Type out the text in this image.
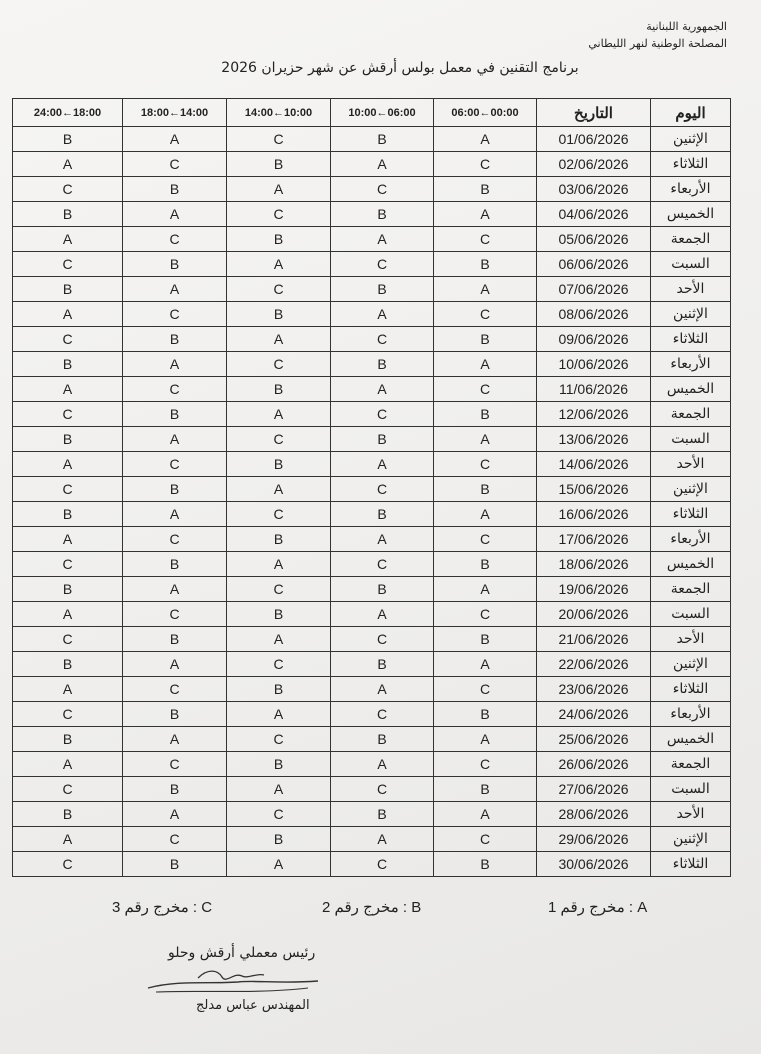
الجمهورية اللبنانية
المصلحة الوطنية لنهر الليطاني
برنامج التقنين في معمل بولس أرقش عن شهر حزيران 2026
24:00←18:00	18:00←14:00	14:00←10:00	10:00←06:00	06:00←00:00	التاريخ	اليوم
B	A	C	B	A	01/06/2026	الإثنين
A	C	B	A	C	02/06/2026	الثلاثاء
C	B	A	C	B	03/06/2026	الأربعاء
B	A	C	B	A	04/06/2026	الخميس
A	C	B	A	C	05/06/2026	الجمعة
C	B	A	C	B	06/06/2026	السبت
B	A	C	B	A	07/06/2026	الأحد
A	C	B	A	C	08/06/2026	الإثنين
C	B	A	C	B	09/06/2026	الثلاثاء
B	A	C	B	A	10/06/2026	الأربعاء
A	C	B	A	C	11/06/2026	الخميس
C	B	A	C	B	12/06/2026	الجمعة
B	A	C	B	A	13/06/2026	السبت
A	C	B	A	C	14/06/2026	الأحد
C	B	A	C	B	15/06/2026	الإثنين
B	A	C	B	A	16/06/2026	الثلاثاء
A	C	B	A	C	17/06/2026	الأربعاء
C	B	A	C	B	18/06/2026	الخميس
B	A	C	B	A	19/06/2026	الجمعة
A	C	B	A	C	20/06/2026	السبت
C	B	A	C	B	21/06/2026	الأحد
B	A	C	B	A	22/06/2026	الإثنين
A	C	B	A	C	23/06/2026	الثلاثاء
C	B	A	C	B	24/06/2026	الأربعاء
B	A	C	B	A	25/06/2026	الخميس
A	C	B	A	C	26/06/2026	الجمعة
C	B	A	C	B	27/06/2026	السبت
B	A	C	B	A	28/06/2026	الأحد
A	C	B	A	C	29/06/2026	الإثنين
C	B	A	C	B	30/06/2026	الثلاثاء
A : مخرج رقم 1
B : مخرج رقم 2
C : مخرج رقم 3
رئيس معملي أرقش وحلو
المهندس عباس مدلج
